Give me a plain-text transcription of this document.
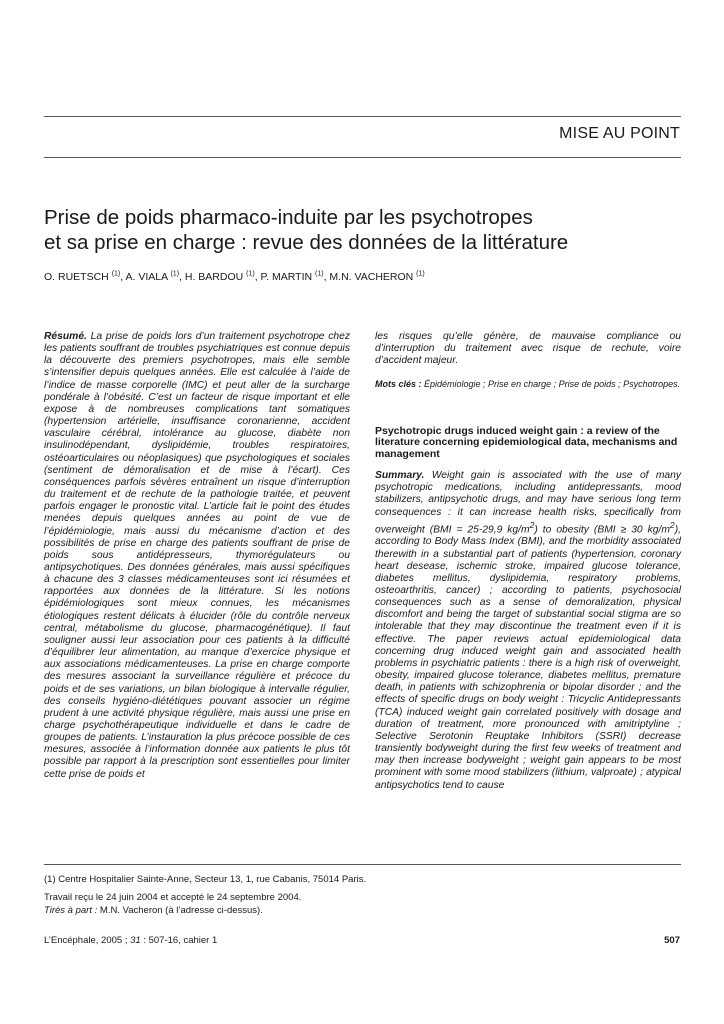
MISE AU POINT
Prise de poids pharmaco-induite par les psychotropes
et sa prise en charge : revue des données de la littérature
O. RUETSCH $^{(1)}$, A. VIALA $^{(1)}$, H. BARDOU $^{(1)}$, P. MARTIN $^{(1)}$, M.N. VACHERON $^{(1)}$

Résumé. La prise de poids lors d’un traitement psychotrope chez les patients souffrant de troubles psychiatriques est connue depuis la découverte des premiers psychotropes, mais elle semble s’intensifier depuis quelques années. Elle est calculée à l’aide de l’indice de masse corporelle (IMC) et peut aller de la surcharge pondérale à l’obésité. C’est un facteur de risque important et elle expose à de nombreuses complications tant somatiques (hypertension artérielle, insuffisance coronarienne, accident vasculaire cérébral, intolérance au glucose, diabète non insulinodépendant, dyslipidémie, troubles respiratoires, ostéoarticulaires ou néoplasiques) que psychologiques et sociales (sentiment de démoralisation et de mise à l’écart). Ces conséquences parfois sévères entraînent un risque d’interruption du traitement et de rechute de la pathologie traitée, et peuvent parfois engager le pronostic vital. L’article fait le point des études menées depuis quelques années au point de vue de l’épidémiologie, mais aussi du mécanisme d’action et des possibilités de prise en charge des patients souffrant de prise de poids sous antidépresseurs, thymorégulateurs ou antipsychotiques. Des données générales, mais aussi spécifiques à chacune des 3 classes médicamenteuses sont ici résumées et rapportées aux données de la littérature. Si les notions épidémiologiques sont mieux connues, les mécanismes étiologiques restent délicats à élucider (rôle du contrôle nerveux central, métabolisme du glucose, pharmacogénétique). Il faut souligner aussi leur association pour ces patients à la difficulté d’équilibrer leur alimentation, au manque d’exercice physique et aux associations médicamenteuses. La prise en charge comporte des mesures associant la surveillance régulière et précoce du poids et de ses variations, un bilan biologique à intervalle régulier, des conseils hygiéno-diététiques pouvant associer un régime prudent à une activité physique régulière, mais aussi une prise en charge psychothérapeutique individuelle et dans le cadre de groupes de patients. L’instauration la plus précoce possible de ces mesures, associée à l’information donnée aux patients le plus tôt possible par rapport à la prescription sont essentielles pour limiter cette prise de poids et

les risques qu’elle génère, de mauvaise compliance ou d’interruption du traitement avec risque de rechute, voire d’accident majeur.

Mots clés : Épidémiologie ; Prise en charge ; Prise de poids ; Psychotropes.

Psychotropic drugs induced weight gain : a review of the literature concerning epidemiological data, mechanisms and management

Summary. Weight gain is associated with the use of many psychotropic medications, including antidepressants, mood stabilizers, antipsychotic drugs, and may have serious long term consequences : it can increase health risks, specifically from overweight (BMI = 25-29,9 $kg/m^2$) to obesity (BMI ≥ 30 $kg/m^2$), according to Body Mass Index (BMI), and the morbidity associated therewith in a substantial part of patients (hypertension, coronary heart desease, ischemic stroke, impaired glucose tolerance, diabetes mellitus, dyslipidemia, respiratory problems, osteoarthritis, cancer) ; according to patients, psychosocial consequences such as a sense of demoralization, physical discomfort and being the target of substantial social stigma are so intolerable that they may discontinue the treatment even if it is effective. The paper reviews actual epidemiological data concerning drug induced weight gain and associated health problems in psychiatric patients : there is a high risk of overweight, obesity, impaired glucose tolerance, diabetes mellitus, premature death, in patients with schizophrenia or bipolar disorder ; and the effects of specific drugs on body weight : Tricyclic Antidepressants (TCA) induced weight gain correlated positively with dosage and duration of treatment, more pronounced with amitriptyline ; Selective Serotonin Reuptake Inhibitors (SSRI) decrease transiently bodyweight during the first few weeks of treatment and may then increase bodyweight ; weight gain appears to be most prominent with some mood stabilizers (lithium, valproate) ; atypical antipsychotics tend to cause

(1) Centre Hospitalier Sainte-Anne, Secteur 13, 1, rue Cabanis, 75014 Paris.

Travail reçu le 24 juin 2004 et accepté le 24 septembre 2004.

Tirés à part : M.N. Vacheron (à l’adresse ci-dessus).

L’Encéphale, 2005 ; 31 : 507-16, cahier 1	507
